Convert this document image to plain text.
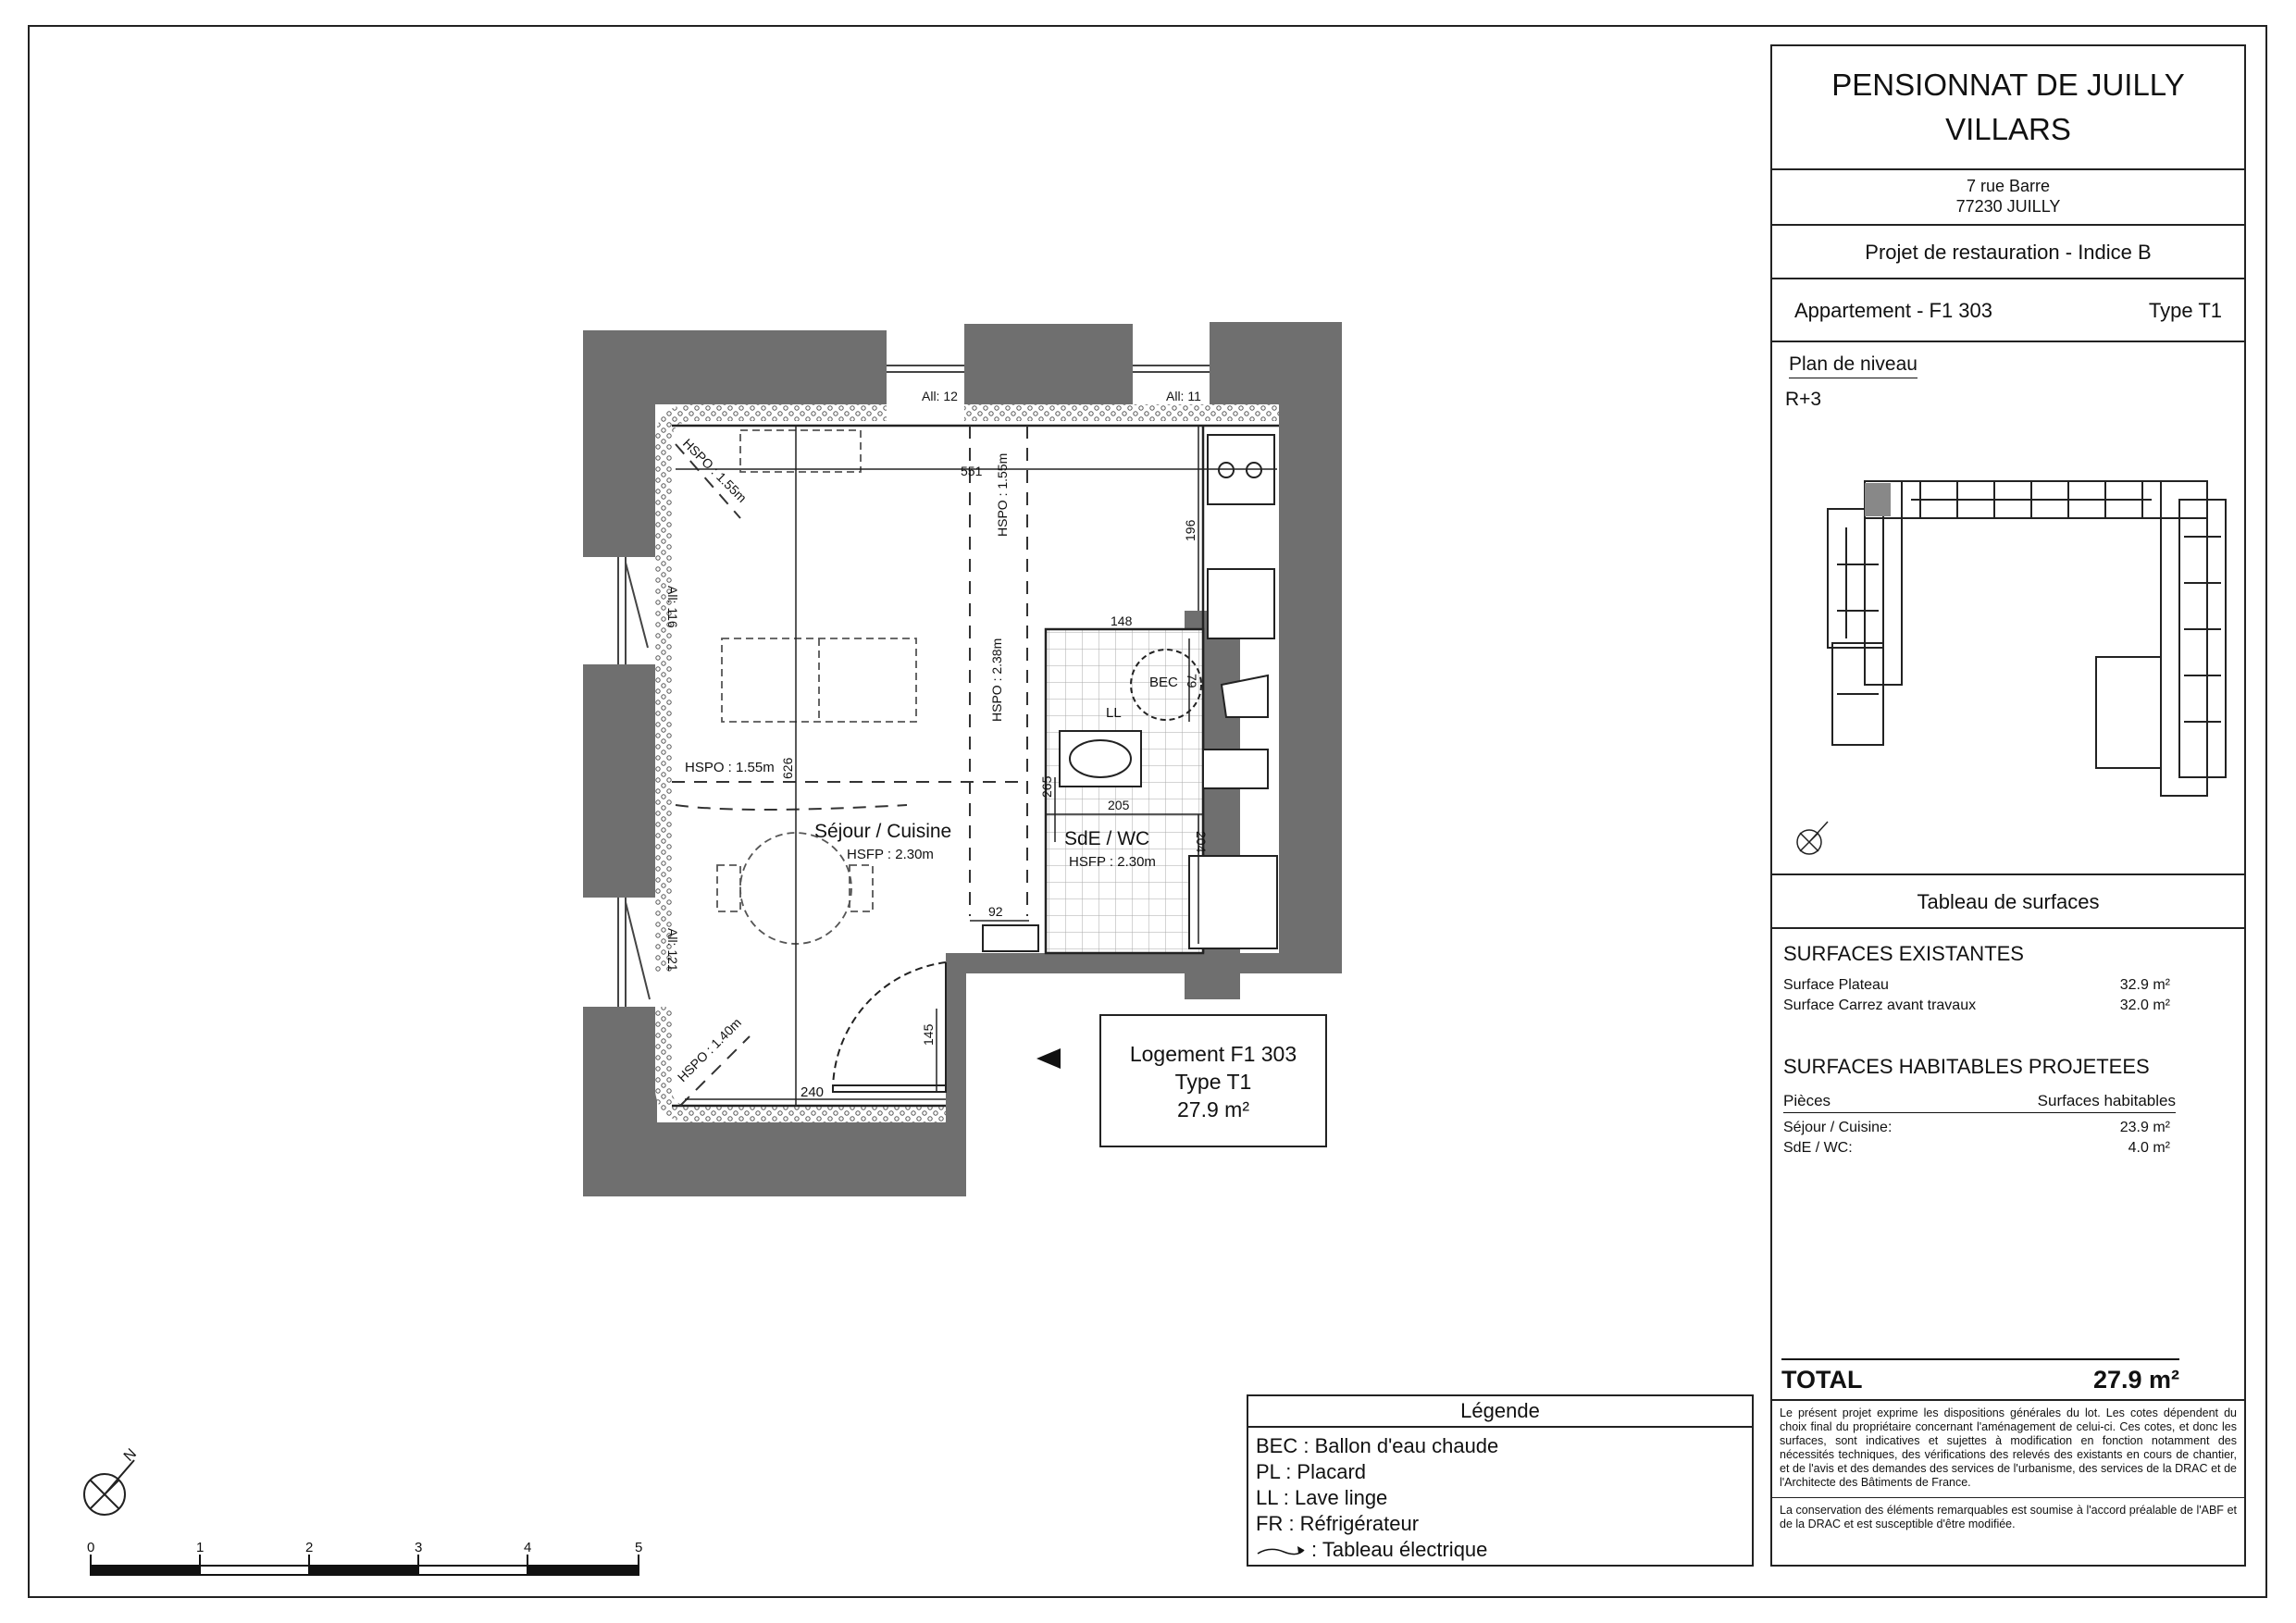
Séjour / Cuisine
HSFP : 2.30m
SdE / WC
HSFP : 2.30m
BEC
LL
All: 12	All: 11
All: 116
All: 121
HSPO : 1.55m	HSPO : 1.55m
HSPO : 2.38m
HSPO : 1.55m
HSPO : 1.40m
551
626
196
148
79
265
205
204
92
145
240
N
0	1	2	3	4	5
Logement F1 303
Type T1
27.9 m²
Légende
BEC : Ballon d'eau chaude
PL : Placard
LL : Lave linge
FR : Réfrigérateur
: Tableau électrique
PENSIONNAT DE JUILLY
VILLARS
7 rue Barre
77230 JUILLY
Projet de restauration - Indice B
Appartement - F1 303	Type T1
Plan de niveau
R+3
Tableau de surfaces
SURFACES EXISTANTES
Surface Plateau	32.9 m²
Surface Carrez avant travaux	32.0 m²
SURFACES HABITABLES PROJETEES
Pièces	Surfaces habitables
Séjour / Cuisine:	23.9 m²
SdE / WC:	4.0 m²
TOTAL	27.9 m²

Le présent projet exprime les dispositions générales du lot. Les cotes dépendent du choix final du propriétaire concernant l'aménagement de celui-ci. Ces cotes, et donc les surfaces, sont indicatives et sujettes à modification en fonction notamment des nécessités techniques, des vérifications des relevés des existants en cours de chantier, et de l'avis et des demandes des services de l'urbanisme, des services de la DRAC et de l'Architecte des Bâtiments de France.

La conservation des éléments remarquables est soumise à l'accord préalable de l'ABF et de la DRAC et est susceptible d'être modifiée.
